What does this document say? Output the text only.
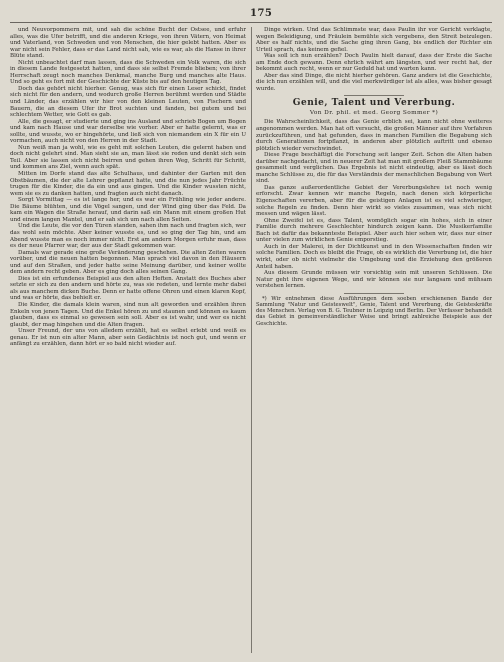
175

und Neuvorpommern mit, und sah die schöne Bucht der Ostsee, und erfuhr alles, was die Ufer betrifft, und die anderen Kriege, von ihren Vätern, von Heimat und Vaterland, von Schweden und von Menschen, die hier gelebt hatten. Aber es war nicht sein Fehler, dass er das Land nicht sah, wie es war, als die Hanse in ihrer Blüte stand.

Nicht unbeachtet darf man lassen, dass die Schweden ein Volk waren, die sich in diesem Lande festgesetzt hatten, und dass sie selbst Fremde blieben; von ihrer Herrschaft zeugt noch manches Denkmal, manche Burg und manches alte Haus. Und so geht es fort mit der Geschichte der Küste bis auf den heutigen Tag.

Doch das gehört nicht hierher. Genug, was sich für einen Leser schickt, findet sich nicht für den andern, und wodurch große Herren berühmt werden und Städte und Länder, das erzählen wir hier von den kleinen Leuten, von Fischern und Bauern, die an diesem Ufer ihr Brot suchten und fanden, bei gutem und bei schlechtem Wetter, wie Gott es gab.

Alle, die gesagt, er studierte und ging ins Ausland und schrieb Bogen um Bogen und kam nach Hause und war derselbe wie vorher. Aber er hatte gelernt, was er sollte, und wusste, wo er hingehörte, und ließ sich von niemandem ein X für ein U vormachen, auch nicht von den Herren in der Stadt.

Nun weiß man ja wohl, wie es geht mit solchen Leuten, die gelernt haben und doch nicht gelehrt sind. Man sieht sie an, man lässt sie reden und denkt sich sein Teil. Aber sie lassen sich nicht beirren und gehen ihren Weg, Schritt für Schritt, und kommen ans Ziel, wenn auch spät.

Mitten im Dorfe stand das alte Schulhaus, und dahinter der Garten mit den Obstbäumen, die der alte Lehrer gepflanzt hatte, und die nun jedes Jahr Früchte trugen für die Kinder, die da ein und aus gingen. Und die Kinder wussten nicht, wem sie es zu danken hatten, und fragten auch nicht danach.

Sorgt Vormittag — es ist lange her, und es war ein Frühling wie jeder andere. Die Bäume blühten, und die Vögel sangen, und der Wind ging über das Feld. Da kam ein Wagen die Straße herauf, und darin saß ein Mann mit einem großen Hut und einem langen Mantel, und er sah sich um nach allen Seiten.

Und die Leute, die vor den Türen standen, sahen ihm nach und fragten sich, wer das wohl sein möchte. Aber keiner wusste es, und so ging der Tag hin, und am Abend wusste man es noch immer nicht. Erst am andern Morgen erfuhr man, dass es der neue Pfarrer war, der aus der Stadt gekommen war.

Damals war gerade eine große Veränderung geschehen. Die alten Zeiten waren vorüber, und die neuen hatten begonnen. Man sprach viel davon in den Häusern und auf den Straßen, und jeder hatte seine Meinung darüber, und keiner wollte dem andern recht geben. Aber es ging doch alles seinen Gang.

Dies ist ein erfundenes Beispiel aus den alten Heften. Anstatt des Buches aber setzte er sich zu den andern und hörte zu, was sie redeten, und lernte mehr dabei als aus manchem dicken Buche. Denn er hatte offene Ohren und einen klaren Kopf, und was er hörte, das behielt er.

Die Kinder, die damals klein waren, sind nun alt geworden und erzählen ihren Enkeln von jenen Tagen. Und die Enkel hören zu und staunen und können es kaum glauben, dass es einmal so gewesen sein soll. Aber es ist wahr, und wer es nicht glaubt, der mag hingehen und die Alten fragen.

Unser Freund, der uns von alledem erzählt, hat es selbst erlebt und weiß es genau. Er ist nun ein alter Mann, aber sein Gedächtnis ist noch gut, und wenn er anfängt zu erzählen, dann hört er so bald nicht wieder auf.

Dinge wirken. Und das Schlimmste war, dass Paulin ihr vor Gericht verklagte, wegen Beleidigung, und Fräulein bemühte sich vergebens, den Streit beizulegen. Aber es half nichts, und die Sache ging ihren Gang, bis endlich der Richter ein Urteil sprach, das keinem gefiel.

Was soll ich nun erzählen? Doch Paulin hielt darauf, dass der Erste die Sache am Ende doch gewann. Denn ehrlich währt am längsten, und wer recht hat, der bekommt auch recht, wenn er nur Geduld hat und warten kann.

Aber das sind Dinge, die nicht hierher gehören. Ganz anders ist die Geschichte, die ich nun erzählen will, und die viel merkwürdiger ist als alles, was bisher gesagt wurde.

Genie, Talent und Vererbung.
Von Dr. phil. et med. Georg Sommer *)

Die Wahrscheinlichkeit, dass das Genie erblich sei, kann nicht ohne weiteres angenommen werden. Man hat oft versucht, die großen Männer auf ihre Vorfahren zurückzuführen, und hat gefunden, dass in manchen Familien die Begabung sich durch Generationen fortpflanzt, in anderen aber plötzlich auftritt und ebenso plötzlich wieder verschwindet.

Diese Frage beschäftigt die Forschung seit langer Zeit. Schon die Alten haben darüber nachgedacht, und in neuerer Zeit hat man mit großem Fleiß Stammbäume gesammelt und verglichen. Das Ergebnis ist nicht eindeutig, aber es lässt doch manche Schlüsse zu, die für das Verständnis der menschlichen Begabung von Wert sind.

Das ganze außerordentliche Gebiet der Vererbungslehre ist noch wenig erforscht. Zwar kennen wir manche Regeln, nach denen sich körperliche Eigenschaften vererben, aber für die geistigen Anlagen ist es viel schwieriger, solche Regeln zu finden. Denn hier wirkt so vieles zusammen, was sich nicht messen und wägen lässt.

Ohne Zweifel ist es, dass Talent, womöglich sogar ein hohes, sich in einer Familie durch mehrere Geschlechter hindurch zeigen kann. Die Musikerfamilie Bach ist dafür das bekannteste Beispiel. Aber auch hier sehen wir, dass nur einer unter vielen zum wirklichen Genie emporstieg.

Auch in der Malerei, in der Dichtkunst und in den Wissenschaften finden wir solche Familien. Doch es bleibt die Frage, ob es wirklich die Vererbung ist, die hier wirkt, oder ob nicht vielmehr die Umgebung und die Erziehung den größeren Anteil haben.

Aus diesem Grunde müssen wir vorsichtig sein mit unseren Schlüssen. Die Natur geht ihre eigenen Wege, und wir können sie nur langsam und mühsam verstehen lernen.

*) Wir entnehmen diese Ausführungen dem soeben erschienenen Bande der Sammlung "Natur und Geisteswelt", Genie, Talent und Vererbung, die Geisteskräfte des Menschen. Verlag von B. G. Teubner in Leipzig und Berlin. Der Verfasser behandelt das Gebiet in gemeinverständlicher Weise und bringt zahlreiche Beispiele aus der Geschichte.
